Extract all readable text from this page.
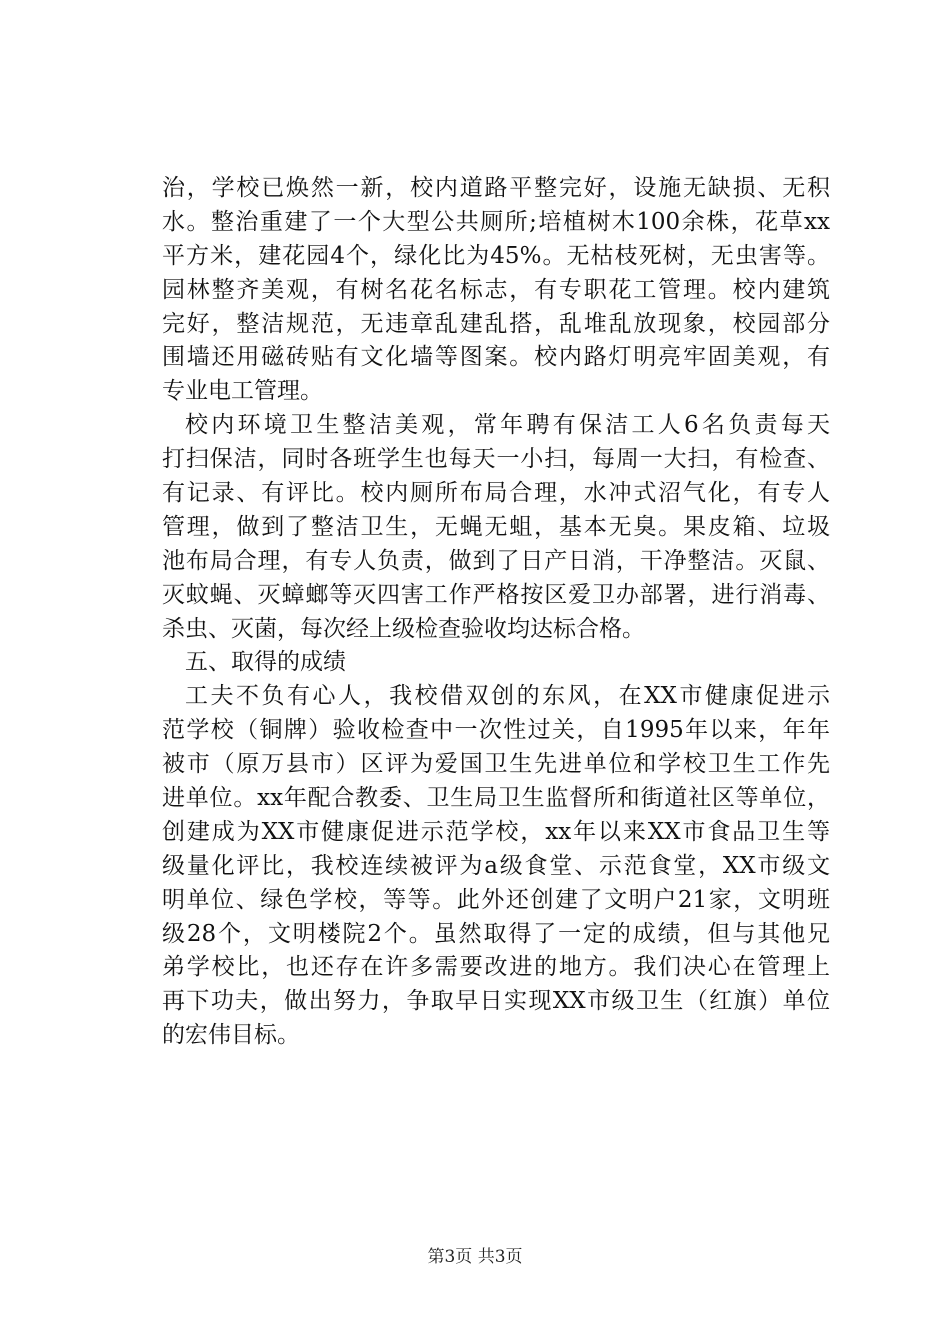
治，学校已焕然一新，校内道路平整完好，设施无缺损、无积
水。整治重建了一个大型公共厕所;培植树木100余株，花草xx
平方米，建花园4个，绿化比为45%。无枯枝死树，无虫害等。
园林整齐美观，有树名花名标志，有专职花工管理。校内建筑
完好，整洁规范，无违章乱建乱搭，乱堆乱放现象，校园部分
围墙还用磁砖贴有文化墙等图案。校内路灯明亮牢固美观，有
专业电工管理。
校内环境卫生整洁美观，常年聘有保洁工人6名负责每天
打扫保洁，同时各班学生也每天一小扫，每周一大扫，有检查、
有记录、有评比。校内厕所布局合理，水冲式沼气化，有专人
管理，做到了整洁卫生，无蝇无蛆，基本无臭。果皮箱、垃圾
池布局合理，有专人负责，做到了日产日消，干净整洁。灭鼠、
灭蚊蝇、灭蟑螂等灭四害工作严格按区爱卫办部署，进行消毒、
杀虫、灭菌，每次经上级检查验收均达标合格。
五、取得的成绩
工夫不负有心人，我校借双创的东风，在XX市健康促进示
范学校（铜牌）验收检查中一次性过关，自1995年以来，年年
被市（原万县市）区评为爱国卫生先进单位和学校卫生工作先
进单位。xx年配合教委、卫生局卫生监督所和街道社区等单位，
创建成为XX市健康促进示范学校，xx年以来XX市食品卫生等
级量化评比，我校连续被评为a级食堂、示范食堂，XX市级文
明单位、绿色学校，等等。此外还创建了文明户21家，文明班
级28个，文明楼院2个。虽然取得了一定的成绩，但与其他兄
弟学校比，也还存在许多需要改进的地方。我们决心在管理上
再下功夫，做出努力，争取早日实现XX市级卫生（红旗）单位
的宏伟目标。
第3页 共3页
